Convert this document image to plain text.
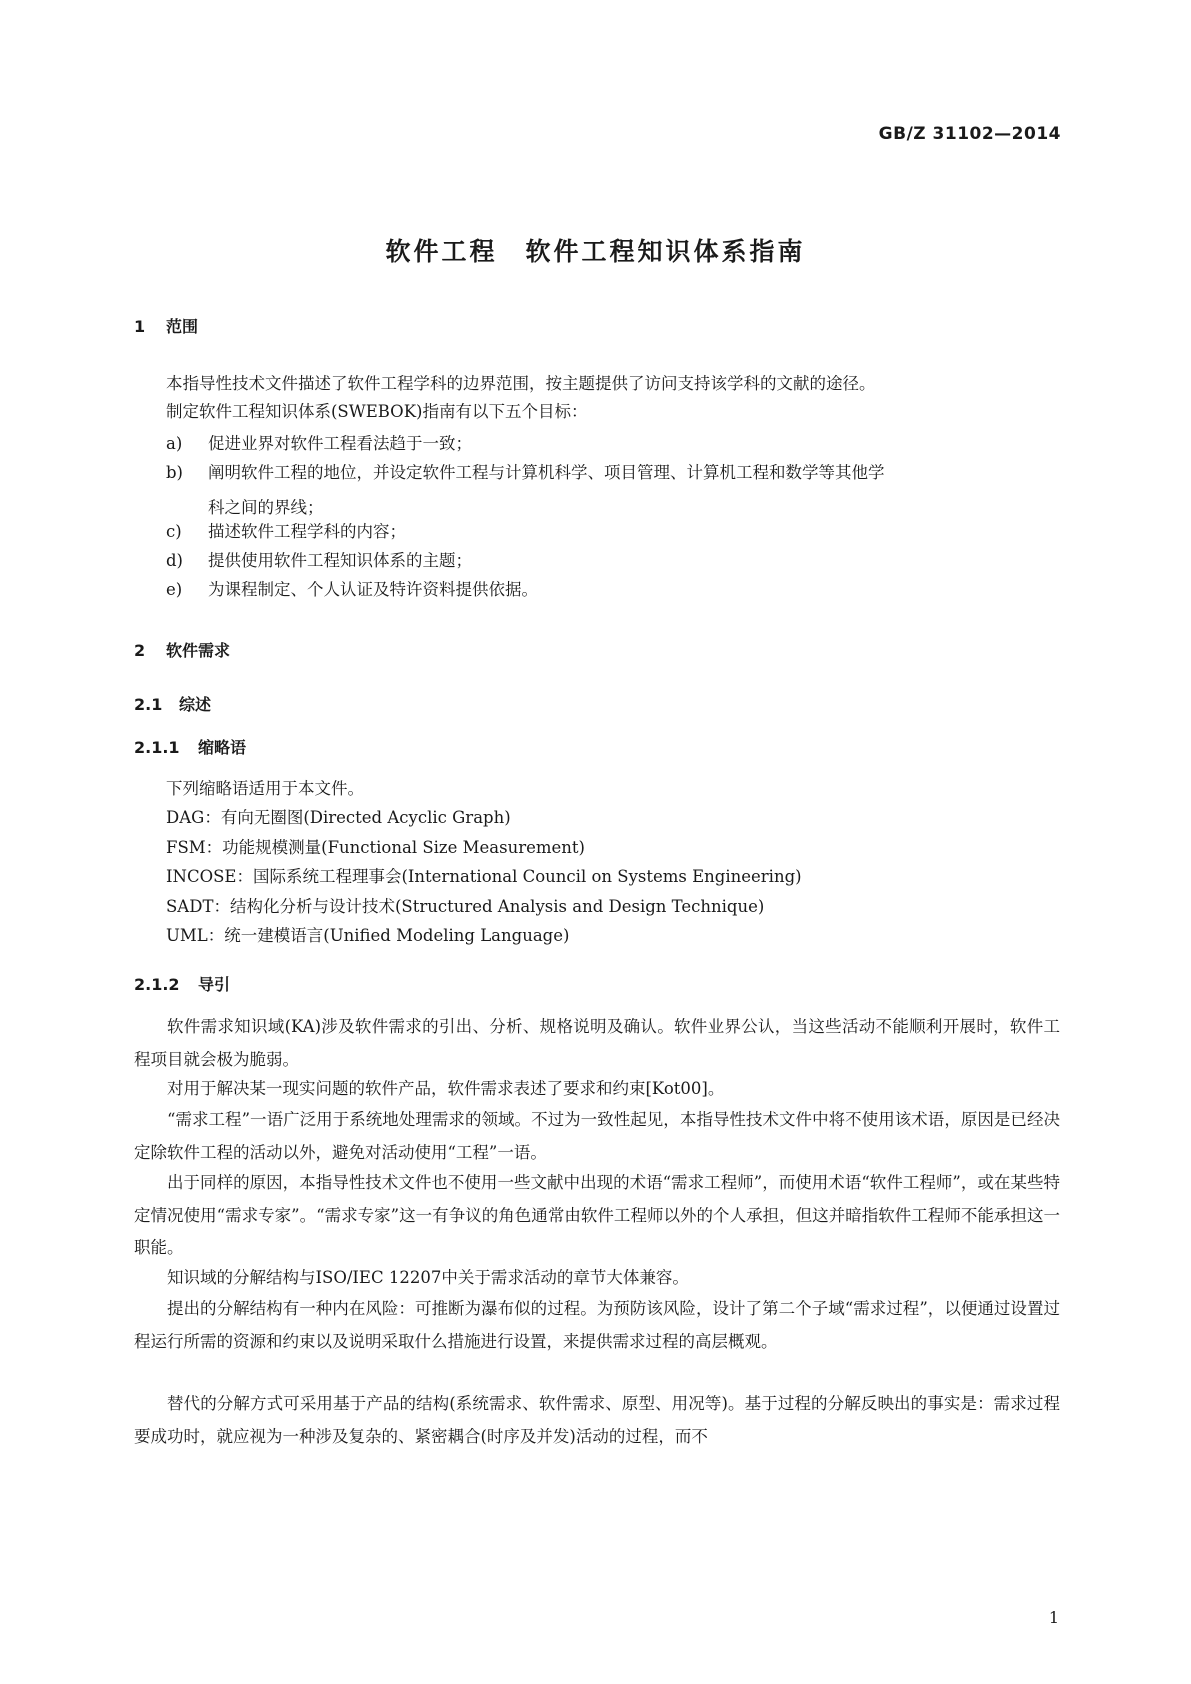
GB/Z 31102—2014
软件工程　软件工程知识体系指南
1 范围
本指导性技术文件描述了软件工程学科的边界范围，按主题提供了访问支持该学科的文献的途径。
制定软件工程知识体系(SWEBOK)指南有以下五个目标：
a) 促进业界对软件工程看法趋于一致；
b) 阐明软件工程的地位，并设定软件工程与计算机科学、项目管理、计算机工程和数学等其他学
科之间的界线；
c) 描述软件工程学科的内容；
d) 提供使用软件工程知识体系的主题；
e) 为课程制定、个人认证及特许资料提供依据。
2 软件需求
2.1 综述
2.1.1 缩略语
下列缩略语适用于本文件。
DAG：有向无圈图(Directed Acyclic Graph)
FSM：功能规模测量(Functional Size Measurement)
INCOSE：国际系统工程理事会(International Council on Systems Engineering)
SADT：结构化分析与设计技术(Structured Analysis and Design Technique)
UML：统一建模语言(Unified Modeling Language)
2.1.2 导引
软件需求知识域(KA)涉及软件需求的引出、分析、规格说明及确认。软件业界公认，当这些活动不能顺利开展时，软件工程项目就会极为脆弱。
对用于解决某一现实问题的软件产品，软件需求表述了要求和约束[Kot00]。
“需求工程”一语广泛用于系统地处理需求的领域。不过为一致性起见，本指导性技术文件中将不使用该术语，原因是已经决定除软件工程的活动以外，避免对活动使用“工程”一语。
出于同样的原因，本指导性技术文件也不使用一些文献中出现的术语“需求工程师”，而使用术语“软件工程师”，或在某些特定情况使用“需求专家”。“需求专家”这一有争议的角色通常由软件工程师以外的个人承担，但这并暗指软件工程师不能承担这一职能。
知识域的分解结构与ISO/IEC 12207中关于需求活动的章节大体兼容。
提出的分解结构有一种内在风险：可推断为瀑布似的过程。为预防该风险，设计了第二个子域“需求过程”，以便通过设置过程运行所需的资源和约束以及说明采取什么措施进行设置，来提供需求过程的高层概观。
替代的分解方式可采用基于产品的结构(系统需求、软件需求、原型、用况等)。基于过程的分解反映出的事实是：需求过程要成功时，就应视为一种涉及复杂的、紧密耦合(时序及并发)活动的过程，而不
1
